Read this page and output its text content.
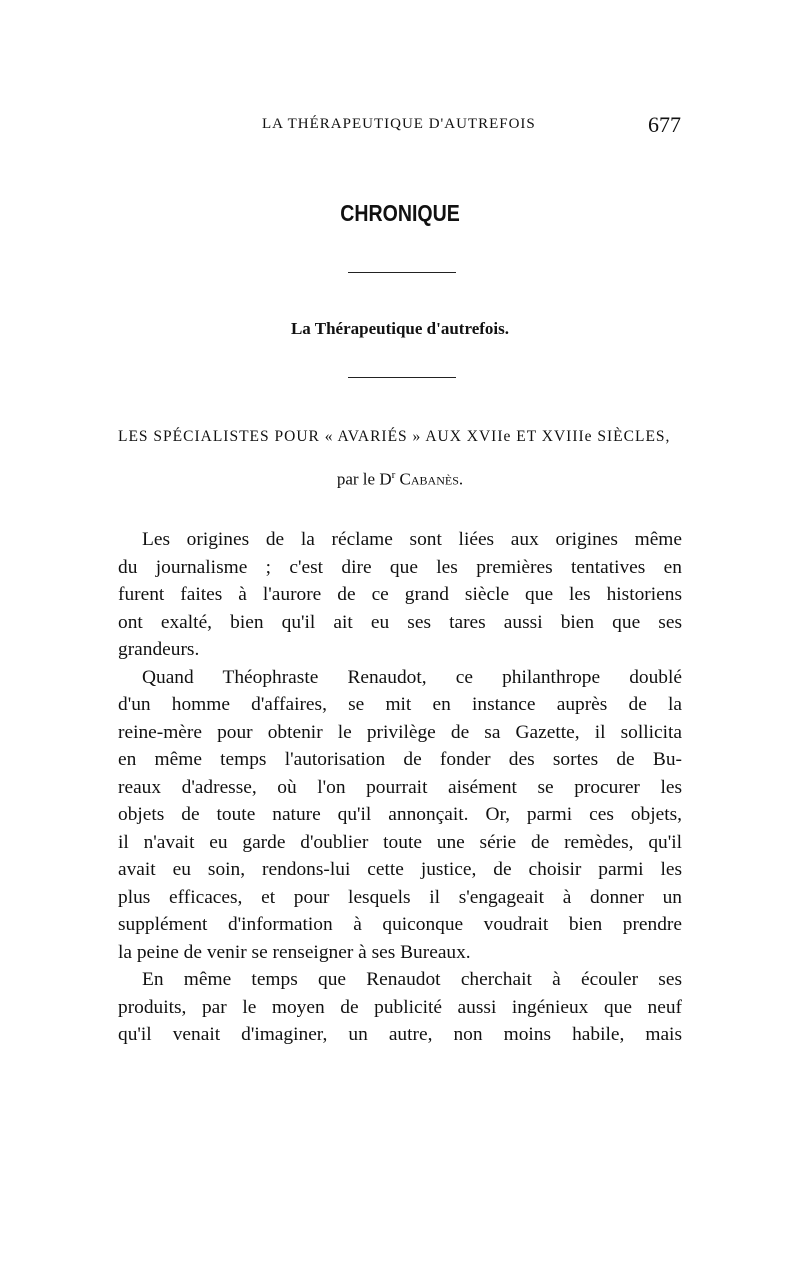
LA THÉRAPEUTIQUE D'AUTREFOIS	677
CHRONIQUE
La Thérapeutique d'autrefois.
LES SPÉCIALISTES POUR « AVARIÉS » AUX XVIIe ET XVIIIe SIÈCLES,
par le $D^r$ Cabanès.
Les origines de la réclame sont liées aux origines même
du journalisme ; c'est dire que les premières tentatives en
furent faites à l'aurore de ce grand siècle que les historiens
ont exalté, bien qu'il ait eu ses tares aussi bien que ses
grandeurs.
Quand Théophraste Renaudot, ce philanthrope doublé
d'un homme d'affaires, se mit en instance auprès de la
reine-mère pour obtenir le privilège de sa Gazette, il sollicita
en même temps l'autorisation de fonder des sortes de Bu-
reaux d'adresse, où l'on pourrait aisément se procurer les
objets de toute nature qu'il annonçait. Or, parmi ces objets,
il n'avait eu garde d'oublier toute une série de remèdes, qu'il
avait eu soin, rendons-lui cette justice, de choisir parmi les
plus efficaces, et pour lesquels il s'engageait à donner un
supplément d'information à quiconque voudrait bien prendre
la peine de venir se renseigner à ses Bureaux.
En même temps que Renaudot cherchait à écouler ses
produits, par le moyen de publicité aussi ingénieux que neuf
qu'il venait d'imaginer, un autre, non moins habile, mais
